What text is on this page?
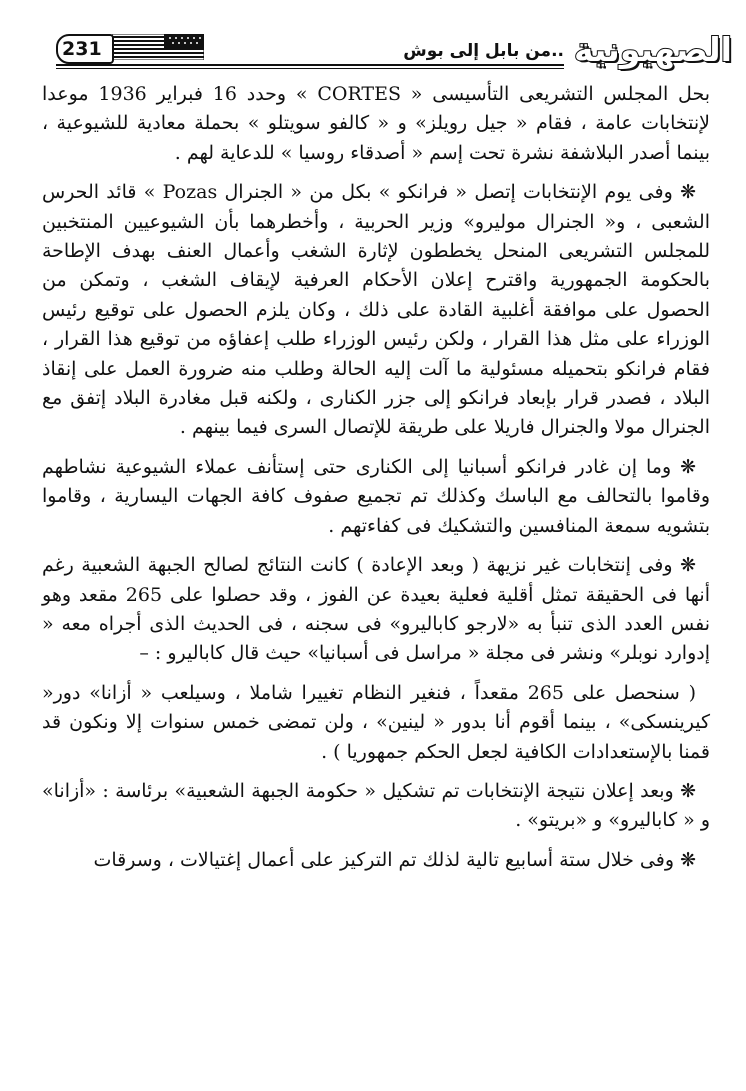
الصهيونية
..من بابل إلى بوش
231

بحل المجلس التشريعى التأسيسى « CORTES » وحدد 16 فبراير 1936 موعدا لإنتخابات عامة ، فقام « جيل رويلز» و « كالفو سويتلو » بحملة معادية للشيوعية ، بينما أصدر البلاشفة نشرة تحت إسم « أصدقاء روسيا » للدعاية لهم .

❋ وفى يوم الإنتخابات إتصل « فرانكو » بكل من « الجنرال Pozas » قائد الحرس الشعبى ، و« الجنرال موليرو» وزير الحربية ، وأخطرهما بأن الشيوعيين المنتخبين للمجلس التشريعى المنحل يخططون لإثارة الشغب وأعمال العنف بهدف الإطاحة بالحكومة الجمهورية واقترح إعلان الأحكام العرفية لإيقاف الشغب ، وتمكن من الحصول على موافقة أغلبية القادة على ذلك ، وكان يلزم الحصول على توقيع رئيس الوزراء على مثل هذا القرار ، ولكن رئيس الوزراء طلب إعفاؤه من توقيع هذا القرار ، فقام فرانكو بتحميله مسئولية ما آلت إليه الحالة وطلب منه ضرورة العمل على إنقاذ البلاد ، فصدر قرار بإبعاد فرانكو إلى جزر الكنارى ، ولكنه قبل مغادرة البلاد إتفق مع الجنرال مولا والجنرال فاريلا على طريقة للإتصال السرى فيما بينهم .

❋ وما إن غادر فرانكو أسبانيا إلى الكنارى حتى إستأنف عملاء الشيوعية نشاطهم وقاموا بالتحالف مع الباسك وكذلك تم تجميع صفوف كافة الجهات اليسارية ، وقاموا بتشويه سمعة المنافسين والتشكيك فى كفاءتهم .

❋ وفى إنتخابات غير نزيهة ( وبعد الإعادة ) كانت النتائج لصالح الجبهة الشعبية رغم أنها فى الحقيقة تمثل أقلية فعلية بعيدة عن الفوز ، وقد حصلوا على 265 مقعد وهو نفس العدد الذى تنبأ به «لارجو كاباليرو» فى سجنه ، فى الحديث الذى أجراه معه « إدوارد نوبلر» ونشر فى مجلة « مراسل فى أسبانيا» حيث قال كاباليرو : –

( سنحصل على 265 مقعداً ، فنغير النظام تغييرا شاملا ، وسيلعب « أزانا» دور« كيرينسكى» ، بينما أقوم أنا بدور « لينين» ، ولن تمضى خمس سنوات إلا ونكون قد قمنا بالإستعدادات الكافية لجعل الحكم جمهوريا ) .

❋ وبعد إعلان نتيجة الإنتخابات تم تشكيل « حكومة الجبهة الشعبية» برئاسة : «أزانا» و « كاباليرو» و «بريتو» .

❋ وفى خلال ستة أسابيع تالية لذلك تم التركيز على أعمال إغتيالات ، وسرقات
